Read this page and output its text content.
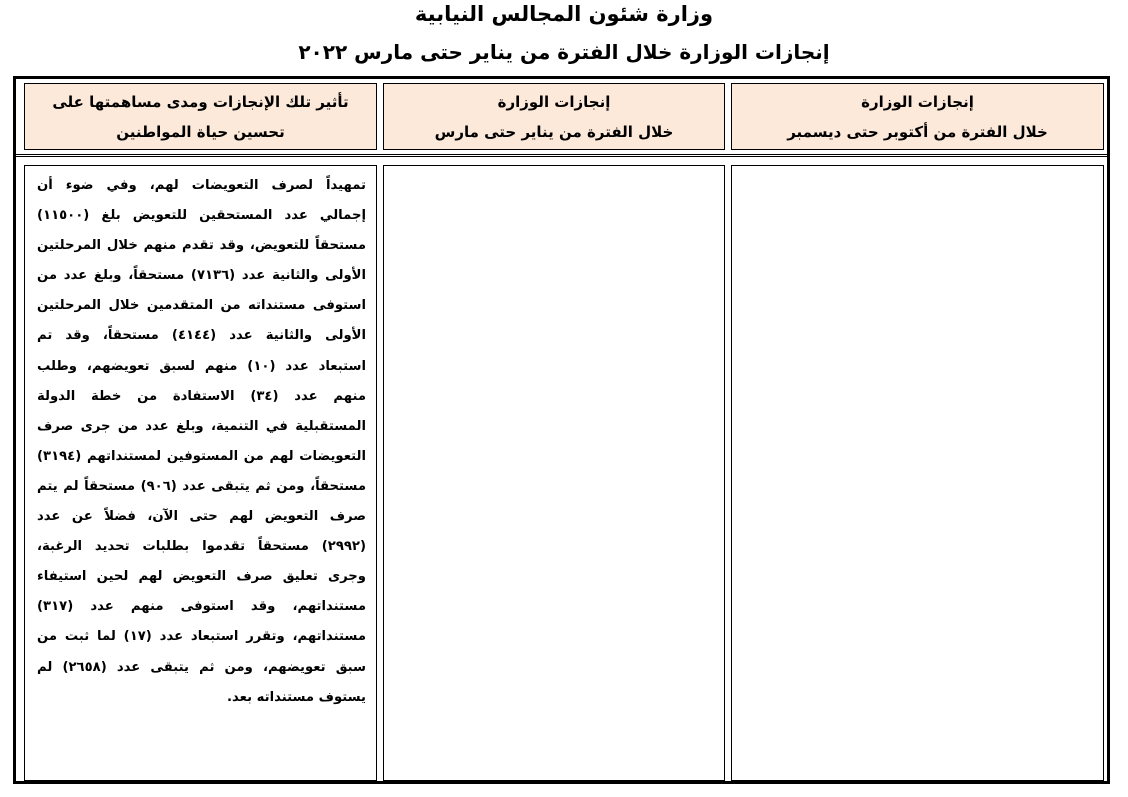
وزارة شئون المجالس النيابية
إنجازات الوزارة خلال الفترة من يناير حتى مارس ٢٠٢٢
إنجازات الوزارة
خلال الفترة من أكتوبر حتى ديسمبر
إنجازات الوزارة
خلال الفترة من يناير حتى مارس
تأثير تلك الإنجازات ومدى مساهمتها على
تحسين حياة المواطنين
تمهيداً لصرف التعويضات لهم، وفي ضوء أن إجمالي عدد المستحقين للتعويض بلغ (١١٥٠٠) مستحقاً للتعويض، وقد تقدم منهم خلال المرحلتين الأولى والثانية عدد (٧١٣٦) مستحقاً، وبلغ عدد من استوفى مستنداته من المتقدمين خلال المرحلتين الأولى والثانية عدد (٤١٤٤) مستحقاً، وقد تم استبعاد عدد (١٠) منهم لسبق تعويضهم، وطلب منهم عدد (٣٤) الاستفادة من خطة الدولة المستقبلية في التنمية، وبلغ عدد من جرى صرف التعويضات لهم من المستوفين لمستنداتهم (٣١٩٤) مستحقاً، ومن ثم يتبقى عدد (٩٠٦) مستحقاً لم يتم صرف التعويض لهم حتى الآن، فضلاً عن عدد (٢٩٩٢) مستحقاً تقدموا بطلبات تحديد الرغبة، وجرى تعليق صرف التعويض لهم لحين استيفاء مستنداتهم، وقد استوفى منهم عدد (٣١٧) مستنداتهم، وتقرر استبعاد عدد (١٧) لما ثبت من سبق تعويضهم، ومن ثم يتبقى عدد (٢٦٥٨) لم يستوف مستنداته بعد.
